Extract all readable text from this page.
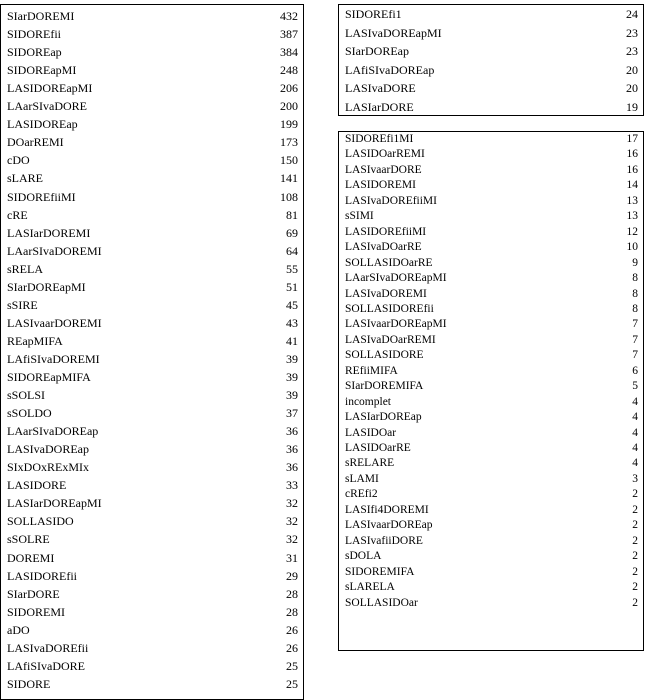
SIarDOREMI	432
SIDOREfii	387
SIDOREap	384
SIDOREapMI	248
LASIDOREapMI	206
LAarSIvaDORE	200
LASIDOREap	199
DOarREMI	173
cDO	150
sLARE	141
SIDOREfiiMI	108
cRE	81
LASIarDOREMI	69
LAarSIvaDOREMI	64
sRELA	55
SIarDOREapMI	51
sSIRE	45
LASIvaarDOREMI	43
REapMIFA	41
LAfiSIvaDOREMI	39
SIDOREapMIFA	39
sSOLSI	39
sSOLDO	37
LAarSIvaDOREap	36
LASIvaDOREap	36
SIxDOxRExMIx	36
LASIDORE	33
LASIarDOREapMI	32
SOLLASIDO	32
sSOLRE	32
DOREMI	31
LASIDOREfii	29
SIarDORE	28
SIDOREMI	28
aDO	26
LASIvaDOREfii	26
LAfiSIvaDORE	25
SIDORE	25
SIDOREfi1	24
LASIvaDOREapMI	23
SIarDOREap	23
LAfiSIvaDOREap	20
LASIvaDORE	20
LASIarDORE	19
SIDOREfi1MI	17
LASIDOarREMI	16
LASIvaarDORE	16
LASIDOREMI	14
LASIvaDOREfiiMI	13
sSIMI	13
LASIDOREfiiMI	12
LASIvaDOarRE	10
SOLLASIDOarRE	9
LAarSIvaDOREapMI	8
LASIvaDOREMI	8
SOLLASIDOREfii	8
LASIvaarDOREapMI	7
LASIvaDOarREMI	7
SOLLASIDORE	7
REfiiMIFA	6
SIarDOREMIFA	5
incomplet	4
LASIarDOREap	4
LASIDOar	4
LASIDOarRE	4
sRELARE	4
sLAMI	3
cREfi2	2
LASIfi4DOREMI	2
LASIvaarDOREap	2
LASIvafiiDORE	2
sDOLA	2
SIDOREMIFA	2
sLARELA	2
SOLLASIDOar	2
